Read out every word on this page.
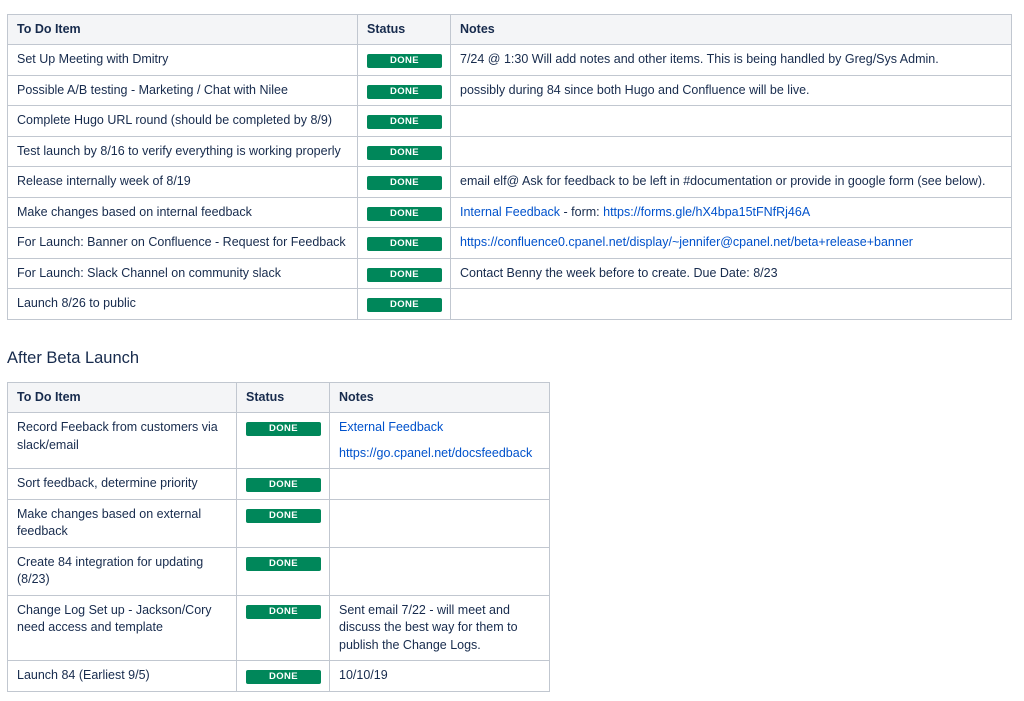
To Do Item	Status	Notes
Set Up Meeting with Dmitry	DONE	7/24 @ 1:30 Will add notes and other items. This is being handled by Greg/Sys Admin.
Possible A/B testing - Marketing / Chat with Nilee	DONE	possibly during 84 since both Hugo and Confluence will be live.
Complete Hugo URL round (should be completed by 8/9)	DONE	
Test launch by 8/16 to verify everything is working properly	DONE	
Release internally week of 8/19	DONE	email elf@ Ask for feedback to be left in #documentation or provide in google form (see below).
Make changes based on internal feedback	DONE	Internal Feedback - form: https://forms.gle/hX4bpa15tFNfRj46A
For Launch: Banner on Confluence - Request for Feedback	DONE	https://confluence0.cpanel.net/display/~jennifer@cpanel.net/beta+release+banner
For Launch: Slack Channel on community slack	DONE	Contact Benny the week before to create. Due Date: 8/23
Launch 8/26 to public	DONE	
After Beta Launch
To Do Item	Status	Notes
Record Feeback from customers via slack/email	DONE	External Feedback
https://go.cpanel.net/docsfeedback

Sort feedback, determine priority	DONE	
Make changes based on external feedback	DONE	
Create 84 integration for updating (8/23)	DONE	
Change Log Set up - Jackson/Cory need access and template	DONE	Sent email 7/22 - will meet and discuss the best way for them to publish the Change Logs.
Launch 84 (Earliest 9/5)	DONE	10/10/19
